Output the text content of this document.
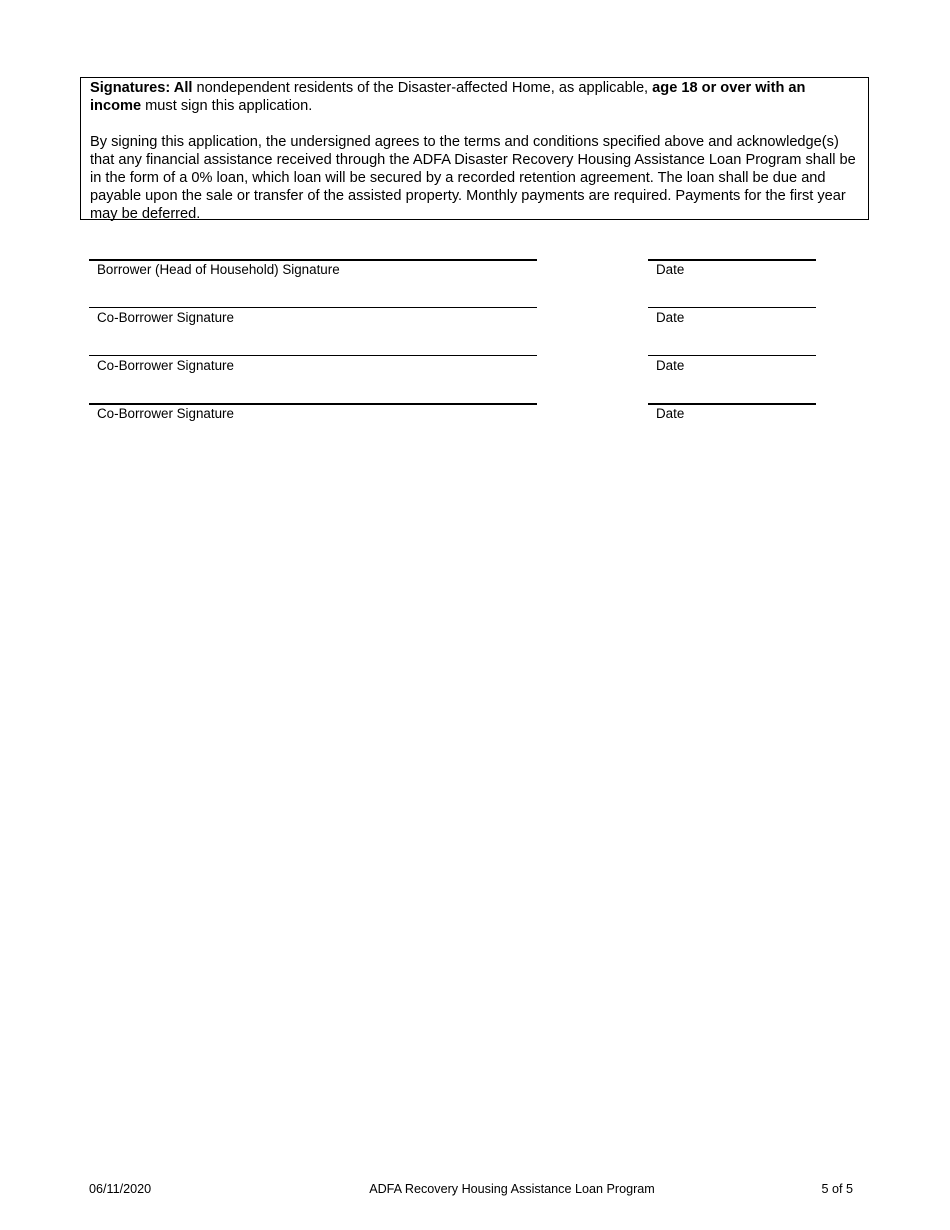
Signatures: All nondependent residents of the Disaster-affected Home, as applicable, age 18 or over with an income must sign this application.

By signing this application, the undersigned agrees to the terms and conditions specified above and acknowledge(s) that any financial assistance received through the ADFA Disaster Recovery Housing Assistance Loan Program shall be in the form of a 0% loan, which loan will be secured by a recorded retention agreement. The loan shall be due and payable upon the sale or transfer of the assisted property. Monthly payments are required. Payments for the first year may be deferred.

Borrower (Head of Household) Signature	Date
Co-Borrower Signature	Date
Co-Borrower Signature	Date
Co-Borrower Signature	Date
06/11/2020	ADFA Recovery Housing Assistance Loan Program	5 of 5
